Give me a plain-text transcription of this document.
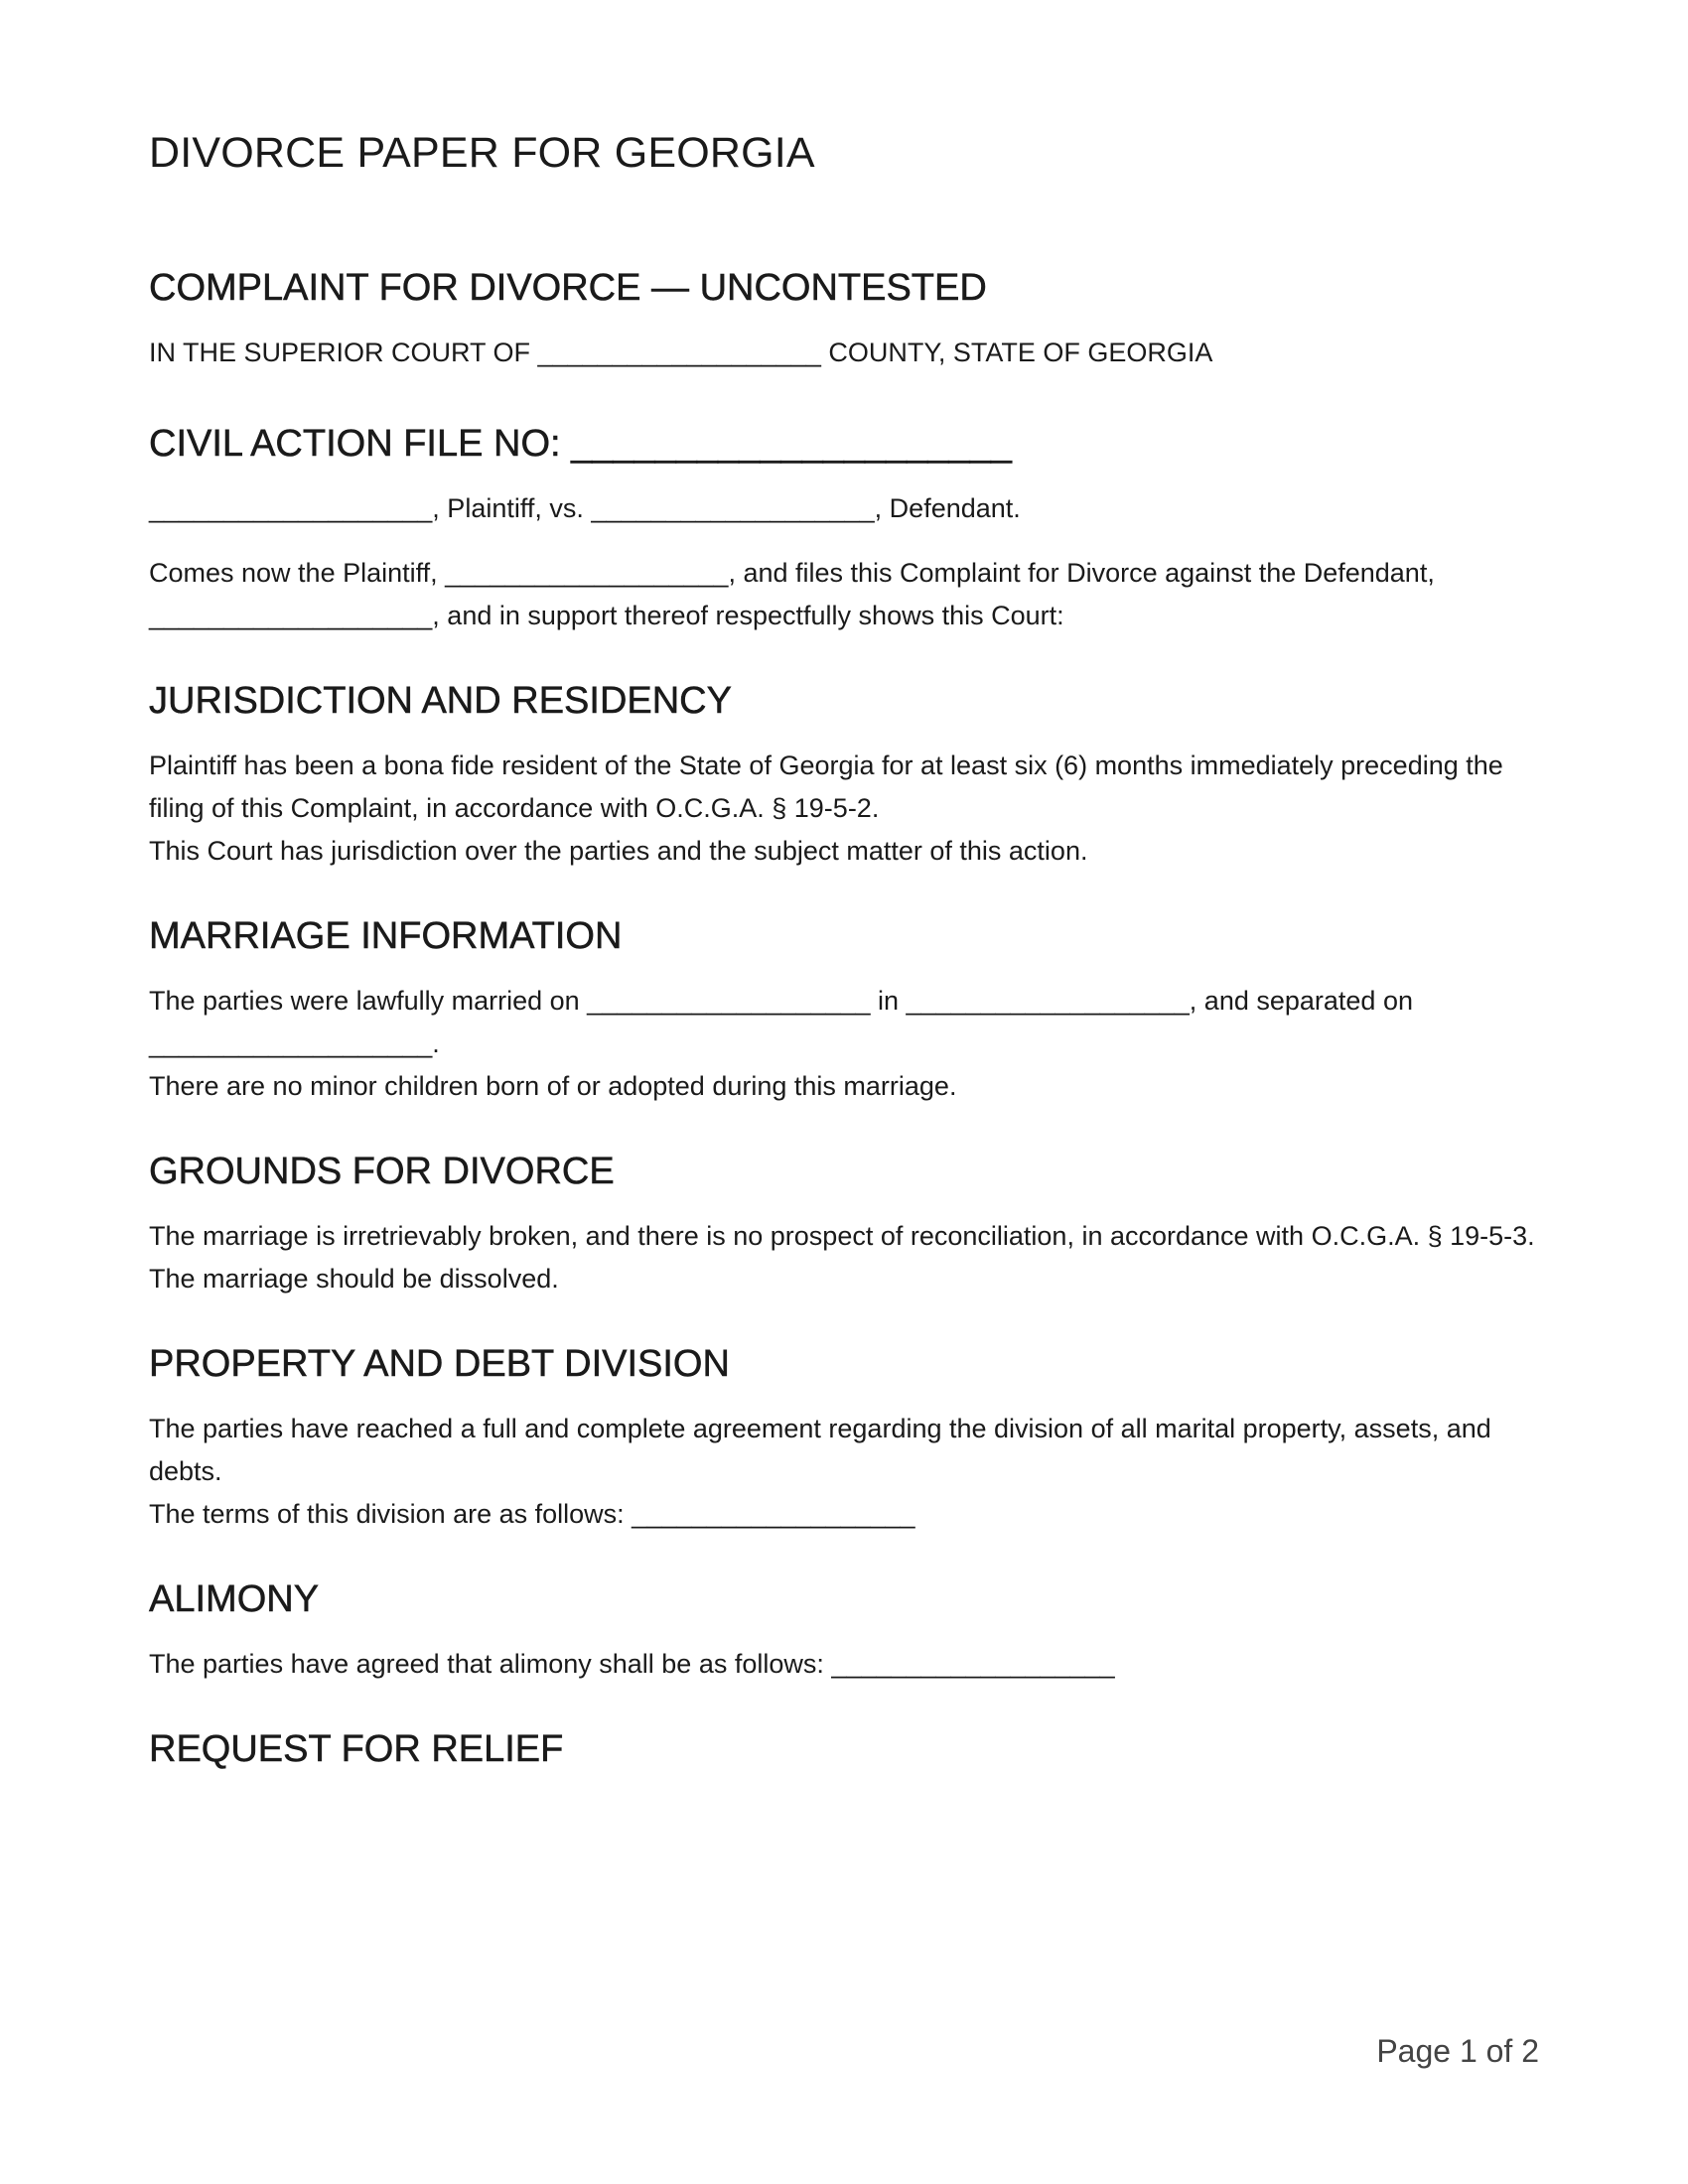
DIVORCE PAPER FOR GEORGIA
COMPLAINT FOR DIVORCE — UNCONTESTED

IN THE SUPERIOR COURT OF ___________________ COUNTY, STATE OF GEORGIA

CIVIL ACTION FILE NO: _____________________

___________________, Plaintiff, vs. ___________________, Defendant.

Comes now the Plaintiff, ___________________, and files this Complaint for Divorce against the Defendant, ___________________, and in support thereof respectfully shows this Court:

JURISDICTION AND RESIDENCY

Plaintiff has been a bona fide resident of the State of Georgia for at least six (6) months immediately preceding the filing of this Complaint, in accordance with O.C.G.A. § 19-5-2.

This Court has jurisdiction over the parties and the subject matter of this action.

MARRIAGE INFORMATION

The parties were lawfully married on ___________________ in ___________________, and separated on ___________________.

There are no minor children born of or adopted during this marriage.

GROUNDS FOR DIVORCE

The marriage is irretrievably broken, and there is no prospect of reconciliation, in accordance with O.C.G.A. § 19-5-3.

The marriage should be dissolved.

PROPERTY AND DEBT DIVISION

The parties have reached a full and complete agreement regarding the division of all marital property, assets, and debts.

The terms of this division are as follows: ___________________

ALIMONY

The parties have agreed that alimony shall be as follows: ___________________

REQUEST FOR RELIEF
Page 1 of 2
